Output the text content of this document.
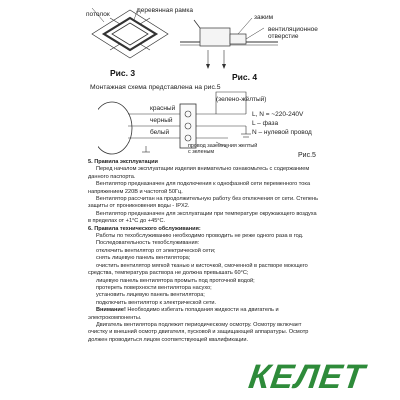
потолок
деревянная рамка
Рис. 3
зажим
вентиляционное отверстие
Рис. 4
Монтажная схема представлена на рис.5
красный
черный
белый
(зелено-жёлтый)
L, N = ~220-240V
L – фаза
N – нулевой провод
провод заземления желтый с зеленым	Рис.5

5. Правила эксплуатации

Перед началом эксплуатации изделия внимательно ознакомьтесь с содержанием данного паспорта.

Вентилятор предназначен для подключения к однофазной сети переменного тока напряжением 220В и частотой 50Гц.

Вентилятор рассчитан на продолжительную работу без отключения от сети. Степень защиты от проникновения воды - IPX2.

Вентилятор предназначен для эксплуатации при температуре окружающего воздуха в пределах от +1°С до +45°С.

6. Правила технического обслуживания:

Работы по техобслуживанию необходимо проводить не реже одного раза в год.

Последовательность техобслуживания:

отключить вентилятор от электрической сети;

снять лицевую панель вентилятора;

очистить вентилятор мягкой тканью и кисточкой, смоченной в растворе моющего средства, температура раствора не должна превышать 60°С;

лицевую панель вентилятора промыть под проточной водой;

протереть поверхности вентилятора насухо;

установить лицевую панель вентилятора;

подключить вентилятор к электрической сети.

Внимание! Необходимо избегать попадания жидкости на двигатель и электрокомпоненты.

Двигатель вентилятора подлежит периодическому осмотру. Осмотру включает очистку и внешний осмотр двигателя, пусковой и защищающей аппаратуры. Осмотр должен проводиться лицом соответствующей квалификации.

КЕЛЕТ
